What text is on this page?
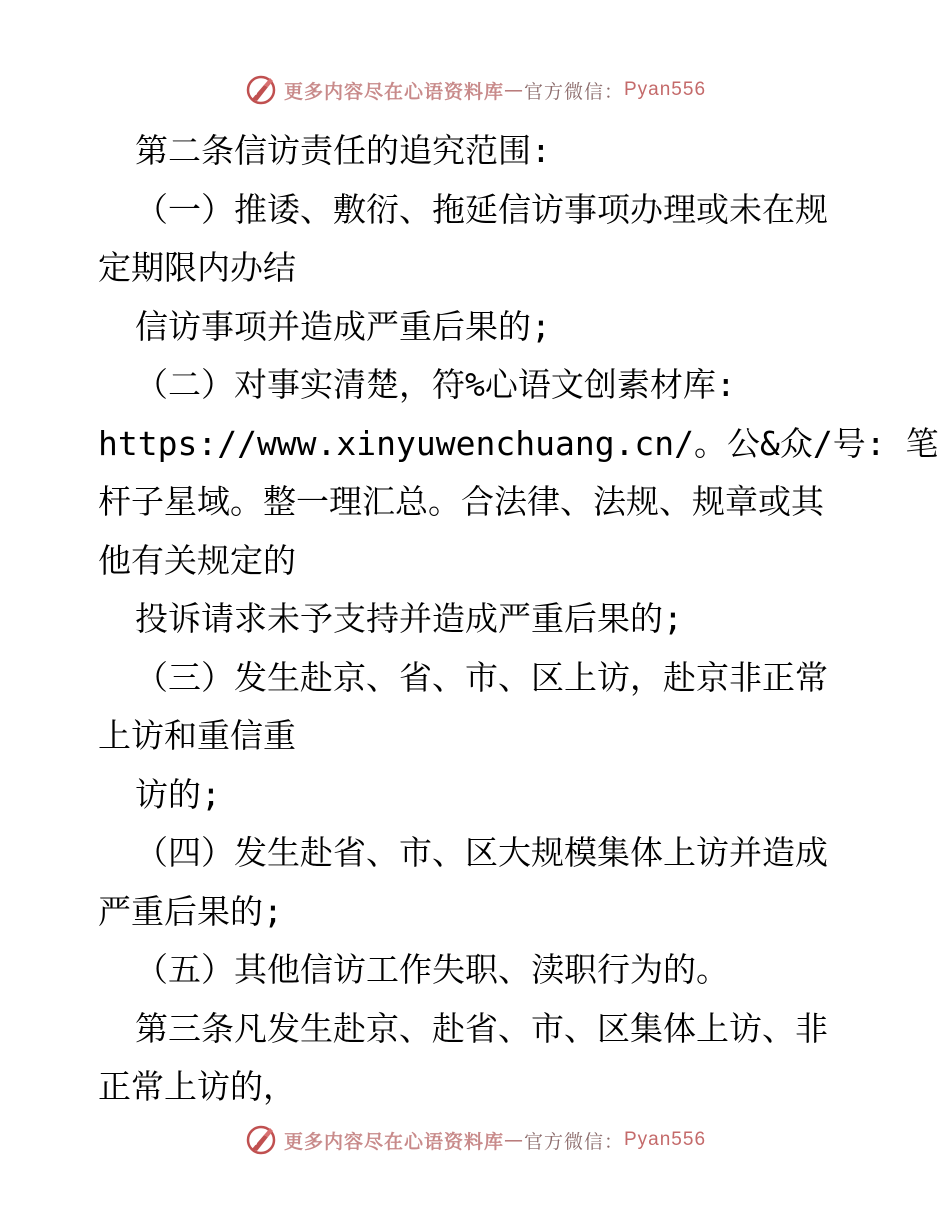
更多内容尽在心语资料库 — 官方微信： Pyan556
第二条信访责任的追究范围:
（一）推诿、敷衍、拖延信访事项办理或未在规
定期限内办结
信访事项并造成严重后果的;
（二）对事实清楚，符%心语文创素材库:
https://www.xinyuwenchuang.cn/。公&众/号: 笔
杆子星域。整一理汇总。合法律、法规、规章或其
他有关规定的
投诉请求未予支持并造成严重后果的;
（三）发生赴京、省、市、区上访，赴京非正常
上访和重信重
访的;
（四）发生赴省、市、区大规模集体上访并造成
严重后果的;
（五）其他信访工作失职、渎职行为的。
第三条凡发生赴京、赴省、市、区集体上访、非
正常上访的，
更多内容尽在心语资料库 — 官方微信： Pyan556
